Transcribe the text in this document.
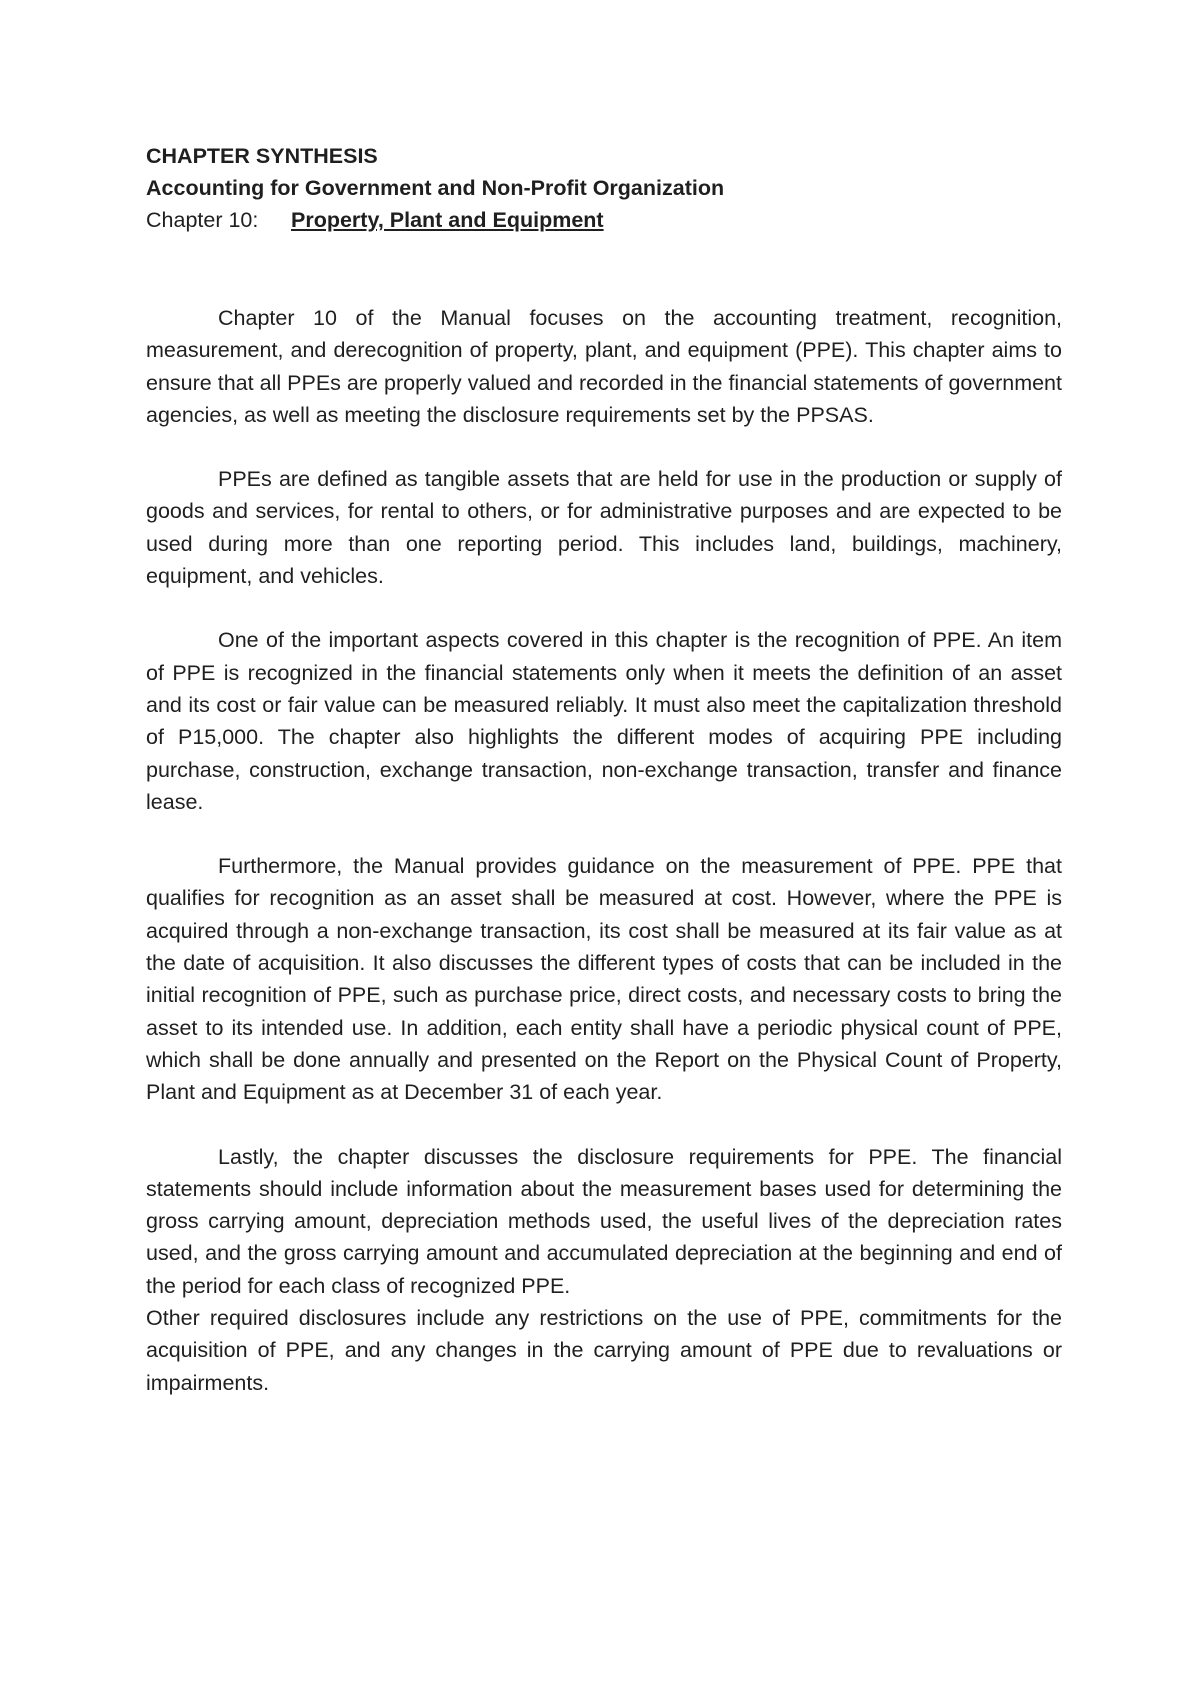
CHAPTER SYNTHESIS

Accounting for Government and Non-Profit Organization

Chapter 10: Property, Plant and Equipment

Chapter 10 of the Manual focuses on the accounting treatment, recognition, measurement, and derecognition of property, plant, and equipment (PPE). This chapter aims to ensure that all PPEs are properly valued and recorded in the financial statements of government agencies, as well as meeting the disclosure requirements set by the PPSAS.

PPEs are defined as tangible assets that are held for use in the production or supply of goods and services, for rental to others, or for administrative purposes and are expected to be used during more than one reporting period. This includes land, buildings, machinery, equipment, and vehicles.

One of the important aspects covered in this chapter is the recognition of PPE. An item of PPE is recognized in the financial statements only when it meets the definition of an asset and its cost or fair value can be measured reliably. It must also meet the capitalization threshold of P15,000. The chapter also highlights the different modes of acquiring PPE including purchase, construction, exchange transaction, non-exchange transaction, transfer and finance lease.

Furthermore, the Manual provides guidance on the measurement of PPE. PPE that qualifies for recognition as an asset shall be measured at cost. However, where the PPE is acquired through a non-exchange transaction, its cost shall be measured at its fair value as at the date of acquisition. It also discusses the different types of costs that can be included in the initial recognition of PPE, such as purchase price, direct costs, and necessary costs to bring the asset to its intended use. In addition, each entity shall have a periodic physical count of PPE, which shall be done annually and presented on the Report on the Physical Count of Property, Plant and Equipment as at December 31 of each year.

Lastly, the chapter discusses the disclosure requirements for PPE. The financial statements should include information about the measurement bases used for determining the gross carrying amount, depreciation methods used, the useful lives of the depreciation rates used, and the gross carrying amount and accumulated depreciation at the beginning and end of the period for each class of recognized PPE.

Other required disclosures include any restrictions on the use of PPE, commitments for the acquisition of PPE, and any changes in the carrying amount of PPE due to revaluations or impairments.
